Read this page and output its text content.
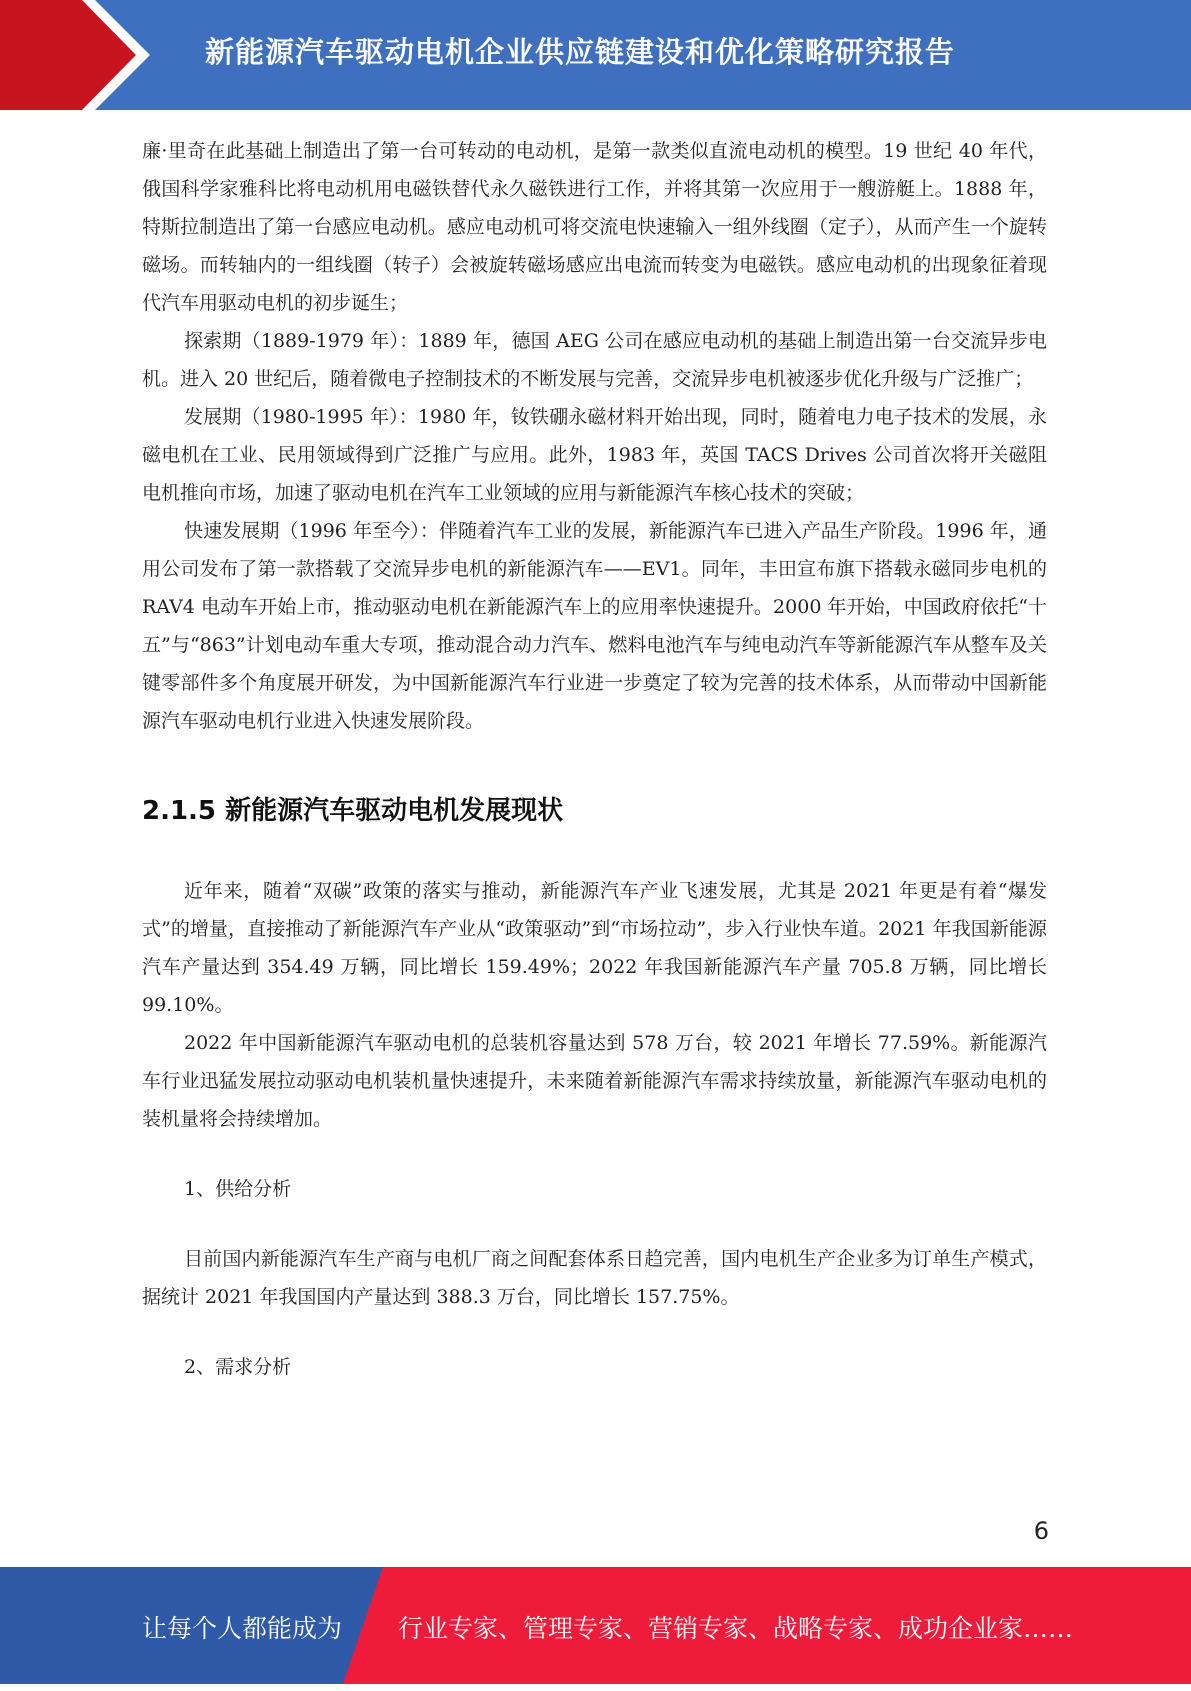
新能源汽车驱动电机企业供应链建设和优化策略研究报告

廉·里奇在此基础上制造出了第一台可转动的电动机，是第一款类似直流电动机的模型。19 世纪 40 年代，俄国科学家雅科比将电动机用电磁铁替代永久磁铁进行工作，并将其第一次应用于一艘游艇上。1888 年，特斯拉制造出了第一台感应电动机。感应电动机可将交流电快速输入一组外线圈（定子），从而产生一个旋转磁场。而转轴内的一组线圈（转子）会被旋转磁场感应出电流而转变为电磁铁。感应电动机的出现象征着现代汽车用驱动电机的初步诞生；

探索期（1889-1979 年）：1889 年，德国 AEG 公司在感应电动机的基础上制造出第一台交流异步电机。进入 20 世纪后，随着微电子控制技术的不断发展与完善，交流异步电机被逐步优化升级与广泛推广；

发展期（1980-1995 年）：1980 年，钕铁硼永磁材料开始出现，同时，随着电力电子技术的发展，永磁电机在工业、民用领域得到广泛推广与应用。此外，1983 年，英国 TACS Drives 公司首次将开关磁阻电机推向市场，加速了驱动电机在汽车工业领域的应用与新能源汽车核心技术的突破；

快速发展期（1996 年至今）：伴随着汽车工业的发展，新能源汽车已进入产品生产阶段。1996 年，通用公司发布了第一款搭载了交流异步电机的新能源汽车——EV1。同年，丰田宣布旗下搭载永磁同步电机的 RAV4 电动车开始上市，推动驱动电机在新能源汽车上的应用率快速提升。2000 年开始，中国政府依托“十五”与“863”计划电动车重大专项，推动混合动力汽车、燃料电池汽车与纯电动汽车等新能源汽车从整车及关键零部件多个角度展开研发，为中国新能源汽车行业进一步奠定了较为完善的技术体系，从而带动中国新能源汽车驱动电机行业进入快速发展阶段。

2.1.5 新能源汽车驱动电机发展现状

近年来，随着“双碳”政策的落实与推动，新能源汽车产业飞速发展，尤其是 2021 年更是有着“爆发式”的增量，直接推动了新能源汽车产业从“政策驱动”到“市场拉动”，步入行业快车道。2021 年我国新能源汽车产量达到 354.49 万辆，同比增长 159.49%；2022 年我国新能源汽车产量 705.8 万辆，同比增长 99.10%。

2022 年中国新能源汽车驱动电机的总装机容量达到 578 万台，较 2021 年增长 77.59%。新能源汽车行业迅猛发展拉动驱动电机装机量快速提升，未来随着新能源汽车需求持续放量，新能源汽车驱动电机的装机量将会持续增加。

1、供给分析

目前国内新能源汽车生产商与电机厂商之间配套体系日趋完善，国内电机生产企业多为订单生产模式，据统计 2021 年我国国内产量达到 388.3 万台，同比增长 157.75%。

2、需求分析

6
让每个人都能成为 行业专家、管理专家、营销专家、战略专家、成功企业家……
